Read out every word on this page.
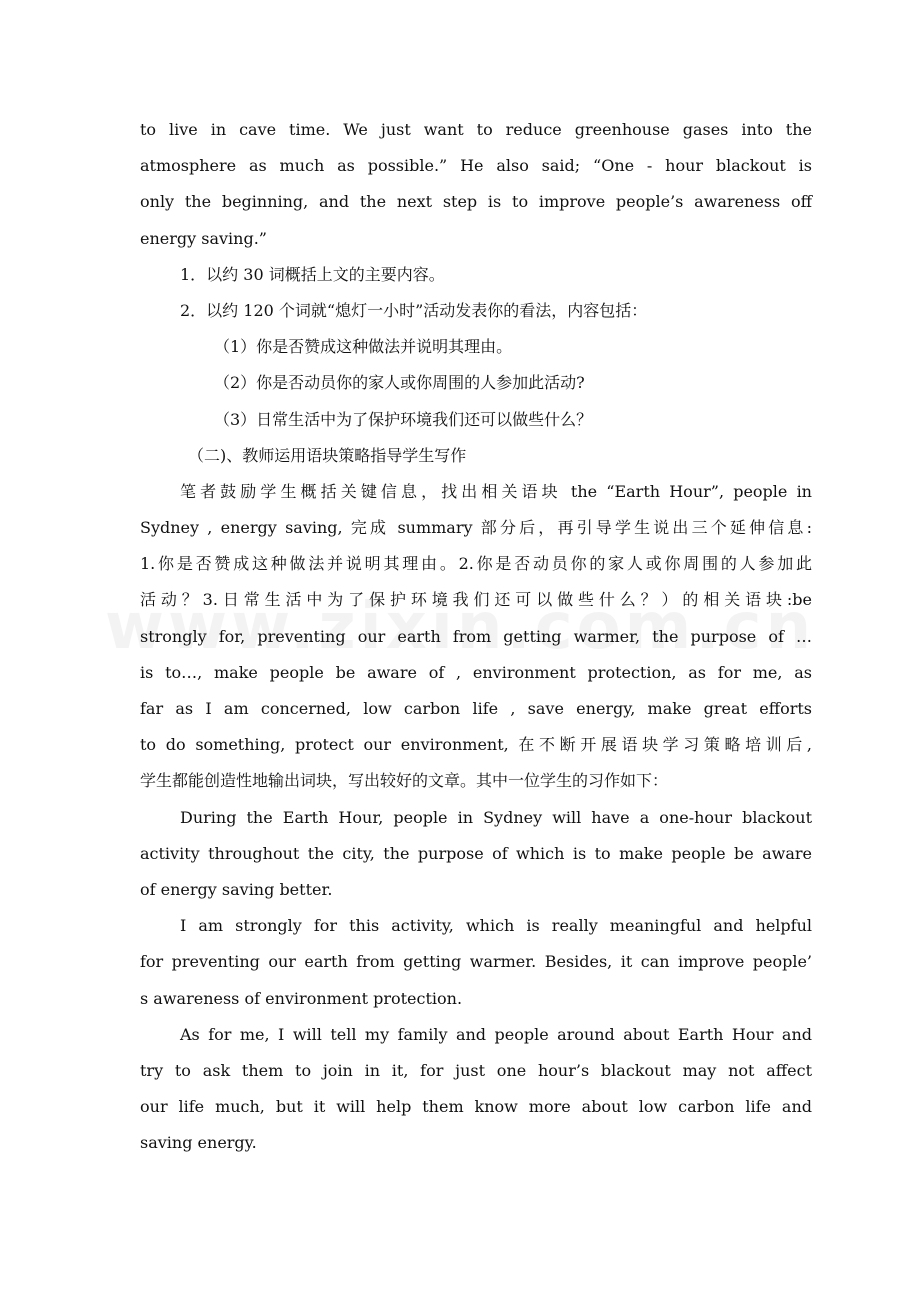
to live in cave time. We just want to reduce greenhouse gases into the
atmosphere as much as possible.” He also said; “One - hour blackout is
only the beginning, and the next step is to improve people’s awareness off
energy saving.”
1．以约 30 词概括上文的主要内容。
2．以约 120 个词就“熄灯一小时”活动发表你的看法，内容包括：
（1）你是否赞成这种做法并说明其理由。
（2）你是否动员你的家人或你周围的人参加此活动?
（3）日常生活中为了保护环境我们还可以做些什么？
（二)、教师运用语块策略指导学生写作
笔者鼓励学生概括关键信息，找出相关语块 the “Earth Hour”, people in
Sydney , energy saving, 完成 summary 部分后，再引导学生说出三个延伸信息:
1.你是否赞成这种做法并说明其理由。2.你是否动员你的家人或你周围的人参加此
活动？3.日常生活中为了保护环境我们还可以做些什么？）的相关语块:be
strongly for, preventing our earth from getting warmer, the purpose of …
is to…, make people be aware of , environment protection, as for me, as
far as I am concerned, low carbon life , save energy, make great efforts
to do something, protect our environment, 在不断开展语块学习策略培训后,
学生都能创造性地输出词块，写出较好的文章。其中一位学生的习作如下：
During the Earth Hour, people in Sydney will have a one-hour blackout
activity throughout the city, the purpose of which is to make people be aware
of energy saving better.
I am strongly for this activity, which is really meaningful and helpful
for preventing our earth from getting warmer. Besides, it can improve people’
s awareness of environment protection.
As for me, I will tell my family and people around about Earth Hour and
try to ask them to join in it, for just one hour’s blackout may not affect
our life much, but it will help them know more about low carbon life and
saving energy.
